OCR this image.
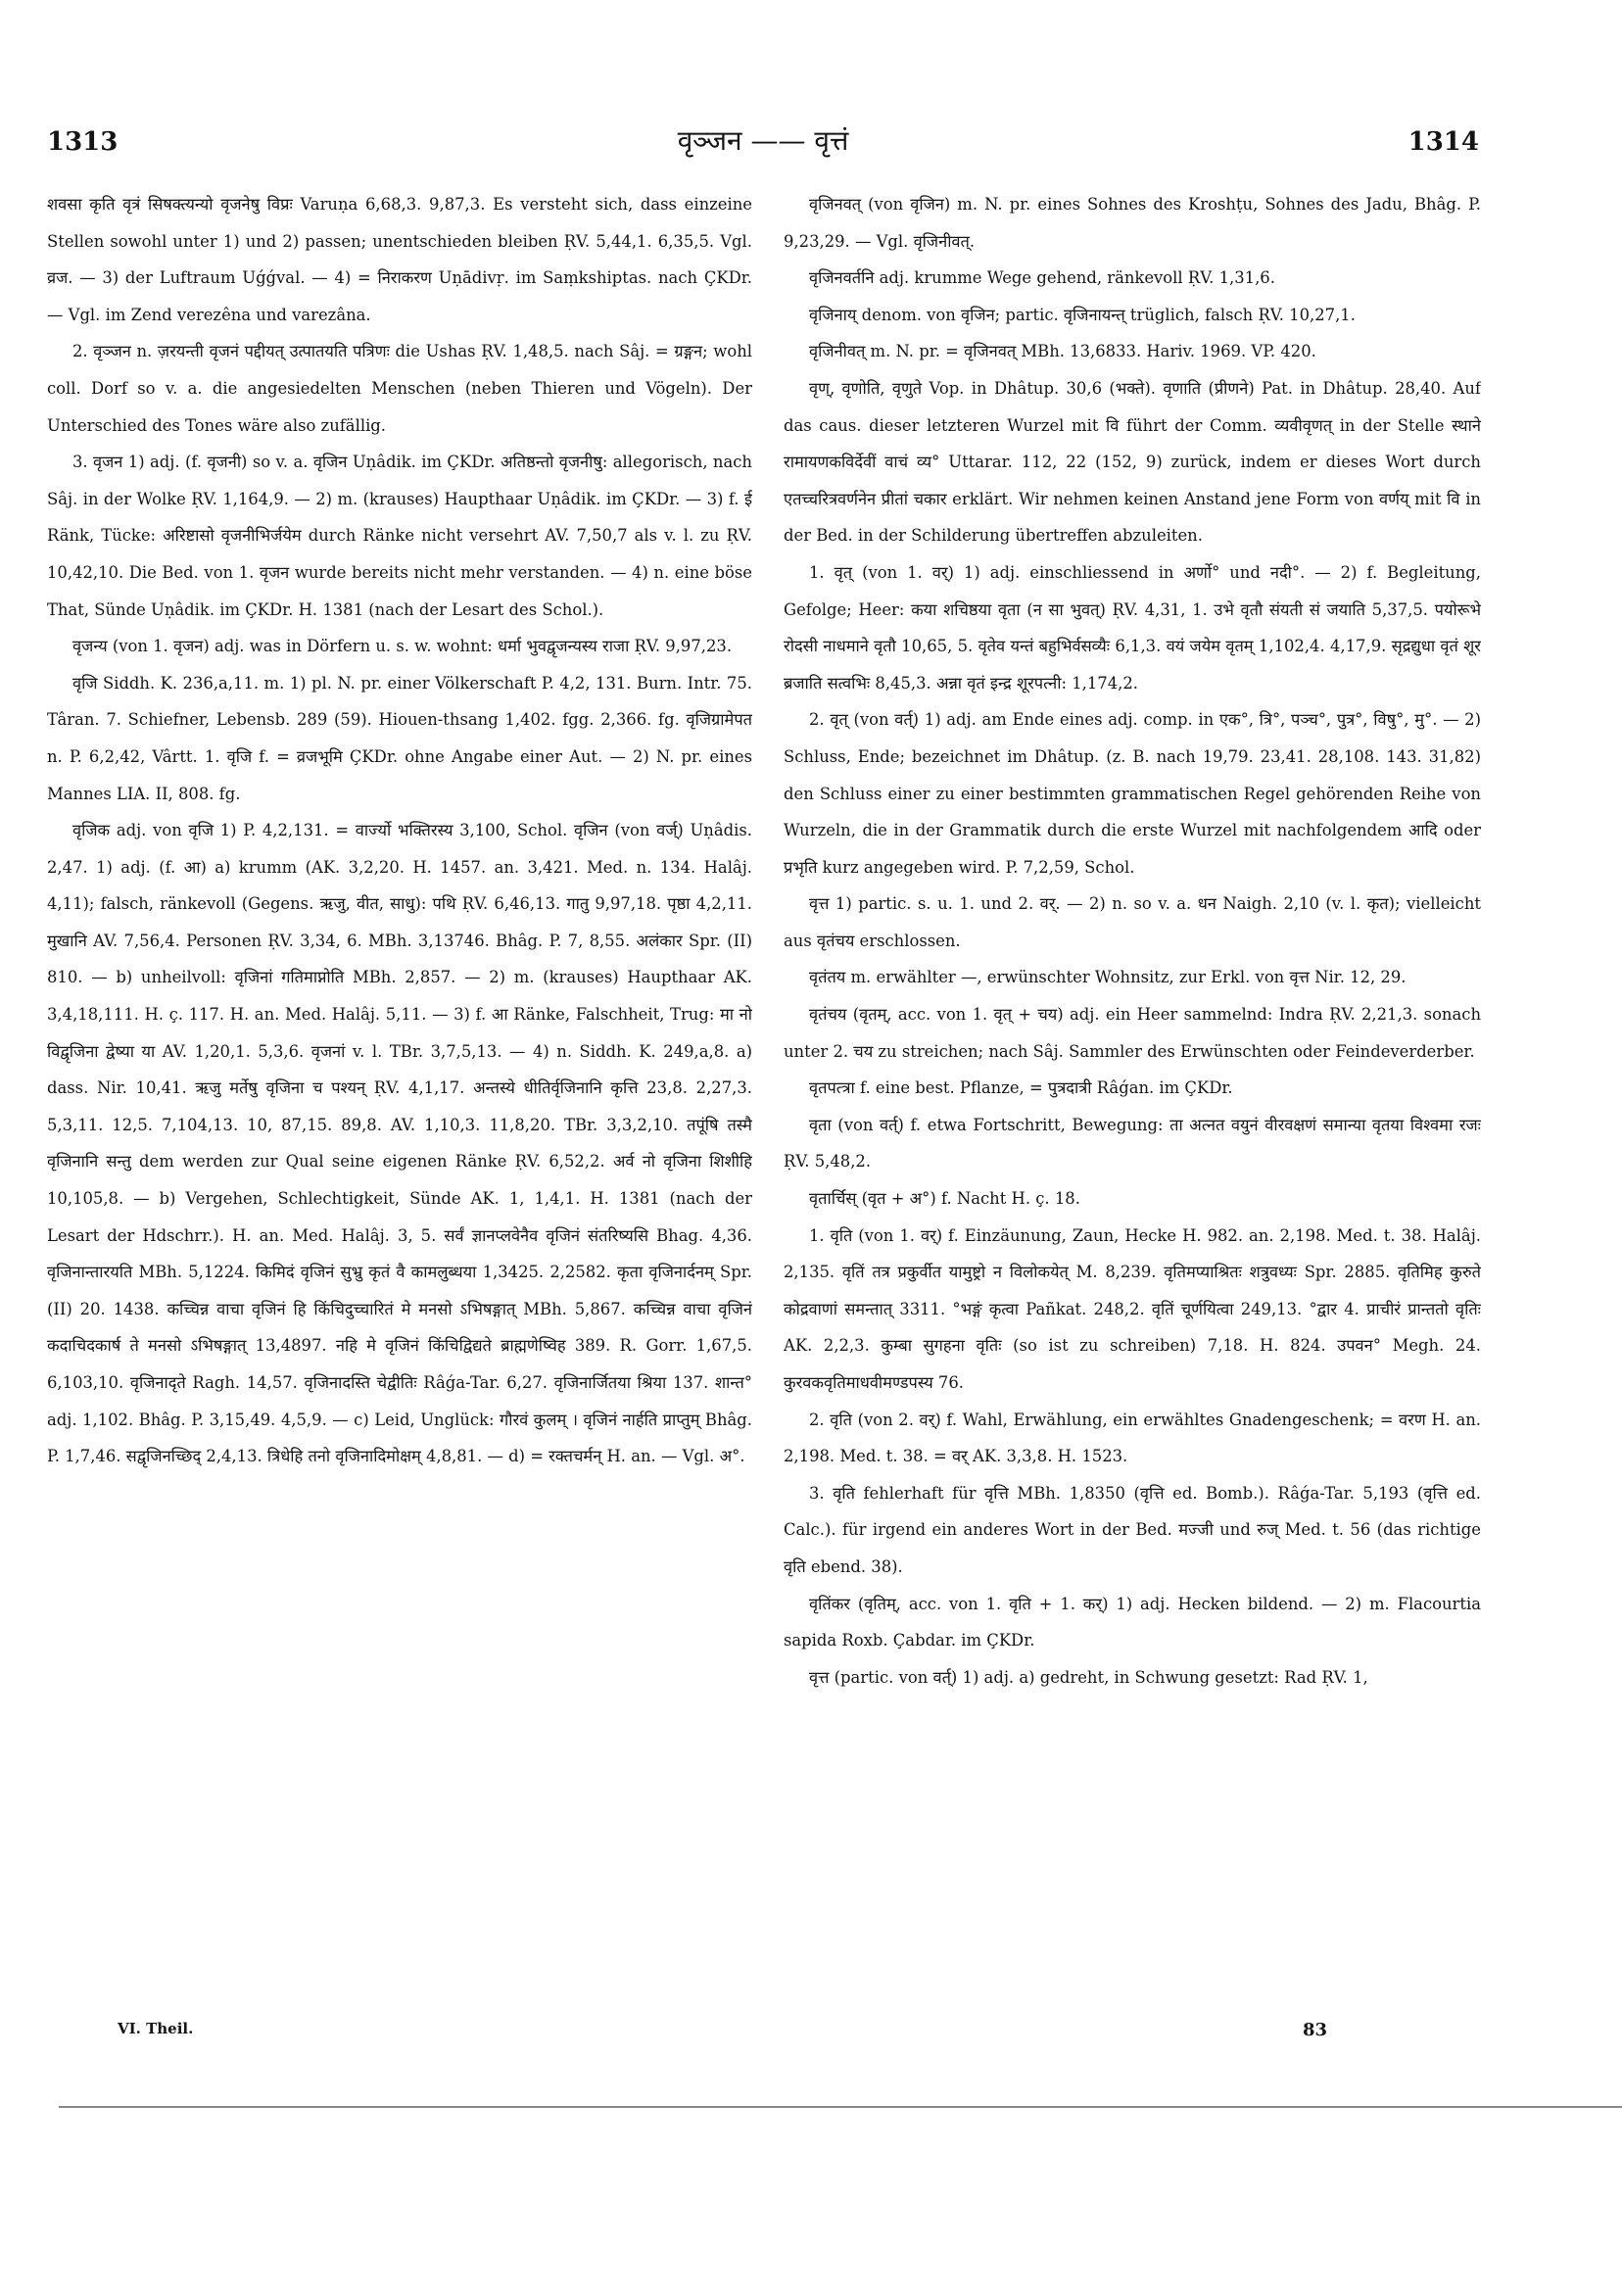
1313	वृञ्जन —— वृत्तं	1314

शवसा कृति वृत्रं सिषक्त्यन्यो वृजनेषु विप्रः Varuṇa 6,68,3. 9,87,3. Es versteht sich, dass einzeine Stellen sowohl unter 1) und 2) passen; unentschieden bleiben ṚV. 5,44,1. 6,35,5. Vgl. व्रज. — 3) der Luftraum Uǵǵval. — 4) = निराकरण Uṇādivṛ. im Saṃkshiptas. nach ÇKDr. — Vgl. im Zend verezêna und varezâna.

2. वृञ्जन n. ज़रयन्ती वृजनं पद्दीयत् उत्पातयति पत्रिणः die Ushas ṚV. 1,48,5. nach Sâj. = ग्रङ्गन; wohl coll. Dorf so v. a. die angesiedelten Menschen (neben Thieren und Vögeln). Der Unterschied des Tones wäre also zufällig.

3. वृजन 1) adj. (f. वृजनी) so v. a. वृजिन Uṇâdik. im ÇKDr. अतिष्ठन्तो वृजनीषु: allegorisch, nach Sâj. in der Wolke ṚV. 1,164,9. — 2) m. (krauses) Haupthaar Uṇâdik. im ÇKDr. — 3) f. ई Ränk, Tücke: अरिष्टासो वृजनीभिर्जयेम durch Ränke nicht versehrt AV. 7,50,7 als v. l. zu ṚV. 10,42,10. Die Bed. von 1. वृजन wurde bereits nicht mehr verstanden. — 4) n. eine böse That, Sünde Uṇâdik. im ÇKDr. H. 1381 (nach der Lesart des Schol.).

वृजन्य (von 1. वृजन) adj. was in Dörfern u. s. w. wohnt: धर्मा भुवद्वृजन्यस्य राजा ṚV. 9,97,23.

वृजि Siddh. K. 236,a,11. m. 1) pl. N. pr. einer Völkerschaft P. 4,2, 131. Burn. Intr. 75. Târan. 7. Schiefner, Lebensb. 289 (59). Hiouen-thsang 1,402. fgg. 2,366. fg. वृजिग्रामेपत n. P. 6,2,42, Vârtt. 1. वृजि f. = व्रजभूमि ÇKDr. ohne Angabe einer Aut. — 2) N. pr. eines Mannes LIA. II, 808. fg.

वृजिक adj. von वृजि 1) P. 4,2,131. = वार्ज्यो भक्तिरस्य 3,100, Schol. वृजिन (von वर्ज्) Uṇâdis. 2,47. 1) adj. (f. आ) a) krumm (AK. 3,2,20. H. 1457. an. 3,421. Med. n. 134. Halâj. 4,11); falsch, ränkevoll (Gegens. ऋजु, वीत, साधु): पथि ṚV. 6,46,13. गातु 9,97,18. पृष्ठा 4,2,11. मुखानि AV. 7,56,4. Personen ṚV. 3,34, 6. MBh. 3,13746. Bhâg. P. 7, 8,55. अलंकार Spr. (II) 810. — b) unheilvoll: वृजिनां गतिमाप्नोति MBh. 2,857. — 2) m. (krauses) Haupthaar AK. 3,4,18,111. H. ç. 117. H. an. Med. Halâj. 5,11. — 3) f. आ Ränke, Falschheit, Trug: मा नो विद्वृजिना द्वेष्या या AV. 1,20,1. 5,3,6. वृजनां v. l. TBr. 3,7,5,13. — 4) n. Siddh. K. 249,a,8. a) dass. Nir. 10,41. ऋजु मर्तेषु वृजिना च पश्यन् ṚV. 4,1,17. अन्तस्ये धीतिर्वृजिनानि कृत्ति 23,8. 2,27,3. 5,3,11. 12,5. 7,104,13. 10, 87,15. 89,8. AV. 1,10,3. 11,8,20. TBr. 3,3,2,10. तपूंषि तस्मै वृजिनानि सन्तु dem werden zur Qual seine eigenen Ränke ṚV. 6,52,2. अर्व नो वृजिना शिशीहि 10,105,8. — b) Vergehen, Schlechtigkeit, Sünde AK. 1, 1,4,1. H. 1381 (nach der Lesart der Hdschrr.). H. an. Med. Halâj. 3, 5. सर्वं ज्ञानप्लवेनैव वृजिनं संतरिष्यसि Bhag. 4,36. वृजिनान्तारयति MBh. 5,1224. किमिदं वृजिनं सुभ्रु कृतं वै कामलुब्धया 1,3425. 2,2582. कृता वृजिनार्दनम् Spr. (II) 20. 1438. कच्चिन्न वाचा वृजिनं हि किंचिदुच्चारितं मे मनसो ऽभिषङ्गात् MBh. 5,867. कच्चिन्न वाचा वृजिनं कदाचिदकार्ष ते मनसो ऽभिषङ्गात् 13,4897. नहि मे वृजिनं किंचिद्विद्यते ब्राह्मणेष्विह 389. R. Gorr. 1,67,5. 6,103,10. वृजिनादृते Ragh. 14,57. वृजिनादस्ति चेद्वीतिः Râǵa-Tar. 6,27. वृजिनार्जितया श्रिया 137. शान्त° adj. 1,102. Bhâg. P. 3,15,49. 4,5,9. — c) Leid, Unglück: गौरवं कुलम् । वृजिनं नार्हति प्राप्तुम् Bhâg. P. 1,7,46. सद्वृजिनच्छिद् 2,4,13. त्रिधेहि तनो वृजिनादिमोक्षम् 4,8,81. — d) = रक्तचर्मन् H. an. — Vgl. अ°.

वृजिनवत् (von वृजिन) m. N. pr. eines Sohnes des Kroshṭu, Sohnes des Jadu, Bhâg. P. 9,23,29. — Vgl. वृजिनीवत्.

वृजिनवर्तनि adj. krumme Wege gehend, ränkevoll ṚV. 1,31,6.

वृजिनाय् denom. von वृजिन; partic. वृजिनायन्त् trüglich, falsch ṚV. 10,27,1.

वृजिनीवत् m. N. pr. = वृजिनवत् MBh. 13,6833. Hariv. 1969. VP. 420.

वृण्, वृणोति, वृणुते Vop. in Dhâtup. 30,6 (भक्ते). वृणाति (प्रीणने) Pat. in Dhâtup. 28,40. Auf das caus. dieser letzteren Wurzel mit वि führt der Comm. व्यवीवृणत् in der Stelle स्थाने रामायणकविर्देवीं वाचं व्य° Uttarar. 112, 22 (152, 9) zurück, indem er dieses Wort durch एतच्चरित्रवर्णनेन प्रीतां चकार erklärt. Wir nehmen keinen Anstand jene Form von वर्णय् mit वि in der Bed. in der Schilderung übertreffen abzuleiten.

1. वृत् (von 1. वर्) 1) adj. einschliessend in अर्णो° und नदी°. — 2) f. Begleitung, Gefolge; Heer: कया शचिष्ठया वृता (न सा भुवत्) ṚV. 4,31, 1. उभे वृतौ संयती सं जयाति 5,37,5. पयोरूभे रोदसी नाधमाने वृतौ 10,65, 5. वृतेव यन्तं बहुभिर्वसव्यैः 6,1,3. वयं जयेम वृतम् 1,102,4. 4,17,9. सृद्रद्युधा वृतं शूर ब्रजाति सत्वभिः 8,45,3. अन्ना वृतं इन्द्र शूरपत्नी: 1,174,2.

2. वृत् (von वर्त्) 1) adj. am Ende eines adj. comp. in एक°, त्रि°, पञ्च°, पुत्र°, विषु°, मु°. — 2) Schluss, Ende; bezeichnet im Dhâtup. (z. B. nach 19,79. 23,41. 28,108. 143. 31,82) den Schluss einer zu einer bestimmten grammatischen Regel gehörenden Reihe von Wurzeln, die in der Grammatik durch die erste Wurzel mit nachfolgendem आदि oder प्रभृति kurz angegeben wird. P. 7,2,59, Schol.

वृत्त 1) partic. s. u. 1. und 2. वर्. — 2) n. so v. a. धन Naigh. 2,10 (v. l. कृत); vielleicht aus वृतंचय erschlossen.

वृतंतय m. erwählter —, erwünschter Wohnsitz, zur Erkl. von वृत्त Nir. 12, 29.

वृतंचय (वृतम्, acc. von 1. वृत् + चय) adj. ein Heer sammelnd: Indra ṚV. 2,21,3. sonach unter 2. चय zu streichen; nach Sâj. Sammler des Erwünschten oder Feindeverderber.

वृतपत्त्रा f. eine best. Pflanze, = पुत्रदात्री Râǵan. im ÇKDr.

वृता (von वर्त्) f. etwa Fortschritt, Bewegung: ता अत्नत वयुनं वीरवक्षणं समान्या वृतया विश्वमा रजः ṚV. 5,48,2.

वृतार्चिस् (वृत + अ°) f. Nacht H. ç. 18.

1. वृति (von 1. वर्) f. Einzäunung, Zaun, Hecke H. 982. an. 2,198. Med. t. 38. Halâj. 2,135. वृतिं तत्र प्रकुर्वीत यामुष्ट्रो न विलोकयेत् M. 8,239. वृतिमप्याश्रितः शत्रुवध्यः Spr. 2885. वृतिमिह कुरुते कोद्रवाणां समन्तात् 3311. °भङ्गं कृत्वा Pañkat. 248,2. वृतिं चूर्णयित्वा 249,13. °द्वार 4. प्राचीरं प्रान्ततो वृतिः AK. 2,2,3. कुम्बा सुगहना वृतिः (so ist zu schreiben) 7,18. H. 824. उपवन° Megh. 24. कुरवकवृतिमाधवीमण्डपस्य 76.

2. वृति (von 2. वर्) f. Wahl, Erwählung, ein erwähltes Gnadengeschenk; = वरण H. an. 2,198. Med. t. 38. = वर् AK. 3,3,8. H. 1523.

3. वृति fehlerhaft für वृत्ति MBh. 1,8350 (वृत्ति ed. Bomb.). Râǵa-Tar. 5,193 (वृत्ति ed. Calc.). für irgend ein anderes Wort in der Bed. मज्जी und रुज् Med. t. 56 (das richtige वृति ebend. 38).

वृतिंकर (वृतिम्, acc. von 1. वृति + 1. कर्) 1) adj. Hecken bildend. — 2) m. Flacourtia sapida Roxb. Çabdar. im ÇKDr.

वृत्त (partic. von वर्त्) 1) adj. a) gedreht, in Schwung gesetzt: Rad ṚV. 1,

VI. Theil.	83
